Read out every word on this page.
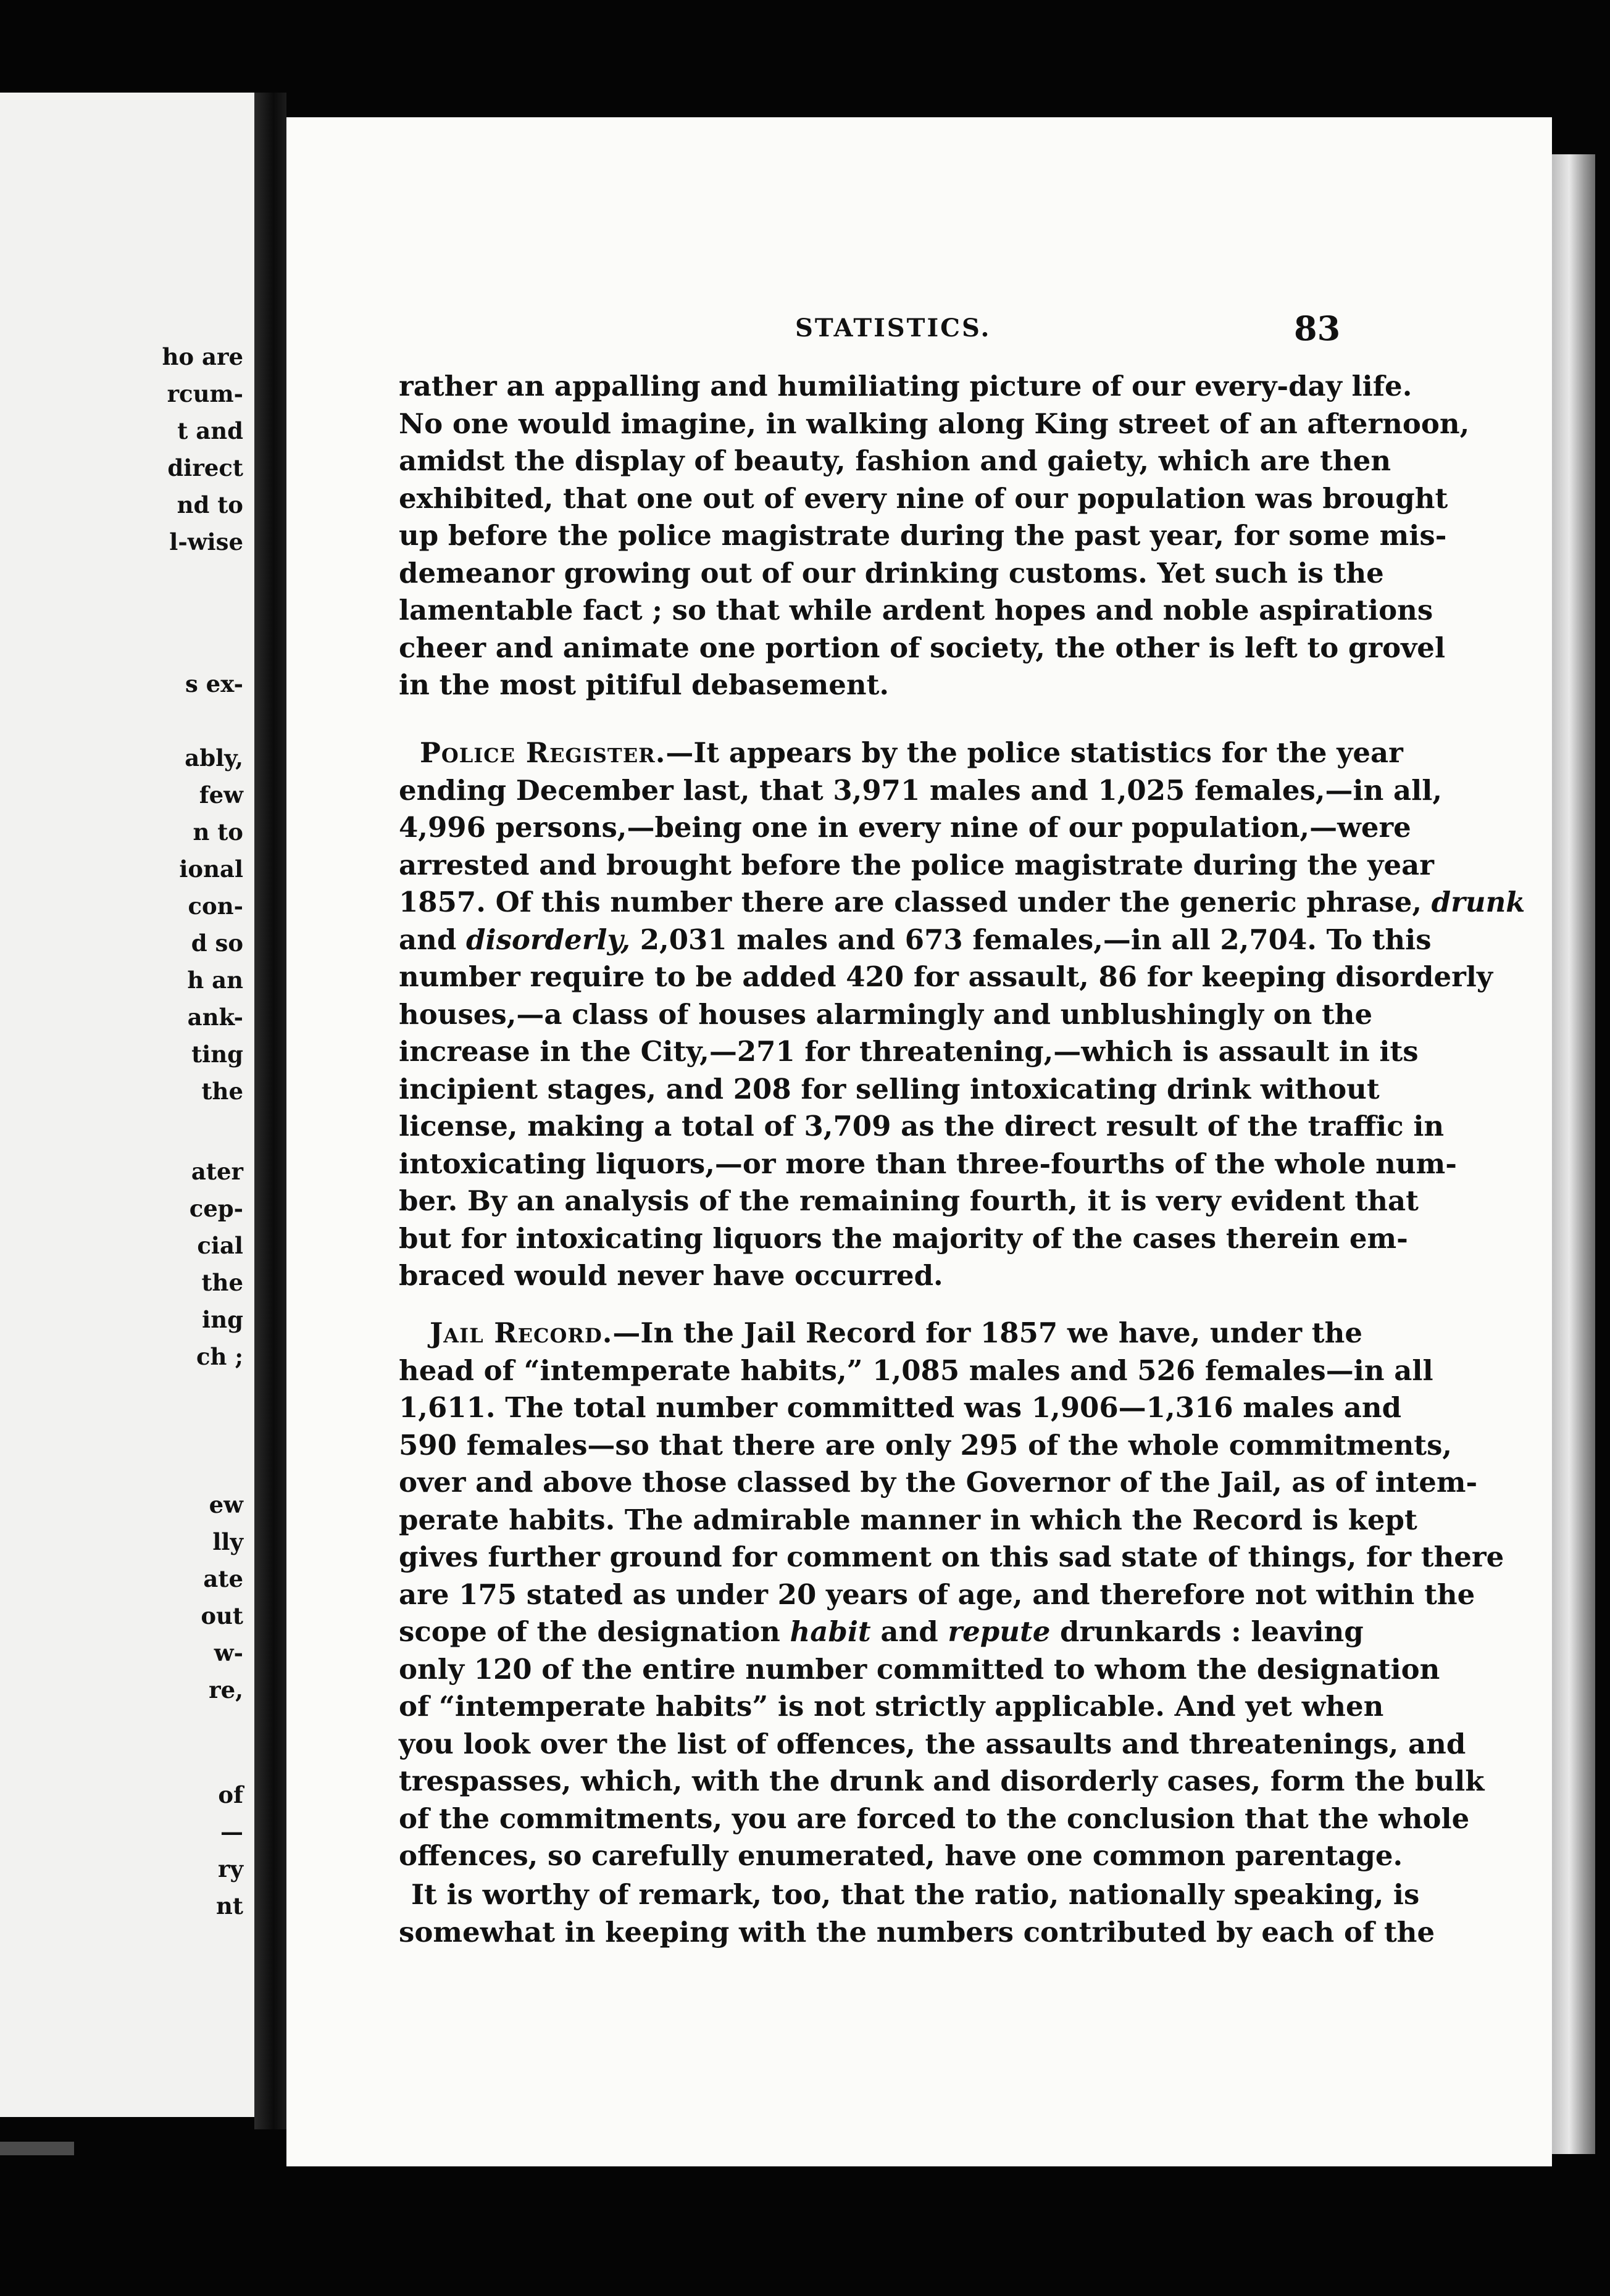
ho are
rcum-
t and
direct
nd to
l-wise
s ex-
ably,
few
n to
ional
con-
d so
h an
ank-
ting
the
ater
cep-
cial
the
ing
ch ;
ew
lly
ate
out
w-
re,
of
—
ry
nt
STATISTICS.	83

rather an appalling and humiliating picture of our every-day life.
No one would imagine, in walking along King street of an afternoon,
amidst the display of beauty, fashion and gaiety, which are then
exhibited, that one out of every nine of our population was brought
up before the police magistrate during the past year, for some mis-
demeanor growing out of our drinking customs. Yet such is the
lamentable fact ; so that while ardent hopes and noble aspirations
cheer and animate one portion of society, the other is left to grovel
in the most pitiful debasement.

Police Register.—It appears by the police statistics for the year
ending December last, that 3,971 males and 1,025 females,—in all,
4,996 persons,—being one in every nine of our population,—were
arrested and brought before the police magistrate during the year
1857. Of this number there are classed under the generic phrase, drunk
and disorderly, 2,031 males and 673 females,—in all 2,704. To this
number require to be added 420 for assault, 86 for keeping disorderly
houses,—a class of houses alarmingly and unblushingly on the
increase in the City,—271 for threatening,—which is assault in its
incipient stages, and 208 for selling intoxicating drink without
license, making a total of 3,709 as the direct result of the traffic in
intoxicating liquors,—or more than three-fourths of the whole num-
ber. By an analysis of the remaining fourth, it is very evident that
but for intoxicating liquors the majority of the cases therein em-
braced would never have occurred.

Jail Record.—In the Jail Record for 1857 we have, under the
head of “intemperate habits,” 1,085 males and 526 females—in all
1,611. The total number committed was 1,906—1,316 males and
590 females—so that there are only 295 of the whole commitments,
over and above those classed by the Governor of the Jail, as of intem-
perate habits. The admirable manner in which the Record is kept
gives further ground for comment on this sad state of things, for there
are 175 stated as under 20 years of age, and therefore not within the
scope of the designation habit and repute drunkards : leaving
only 120 of the entire number committed to whom the designation
of “intemperate habits” is not strictly applicable. And yet when
you look over the list of offences, the assaults and threatenings, and
trespasses, which, with the drunk and disorderly cases, form the bulk
of the commitments, you are forced to the conclusion that the whole
offences, so carefully enumerated, have one common parentage.

It is worthy of remark, too, that the ratio, nationally speaking, is
somewhat in keeping with the numbers contributed by each of the
